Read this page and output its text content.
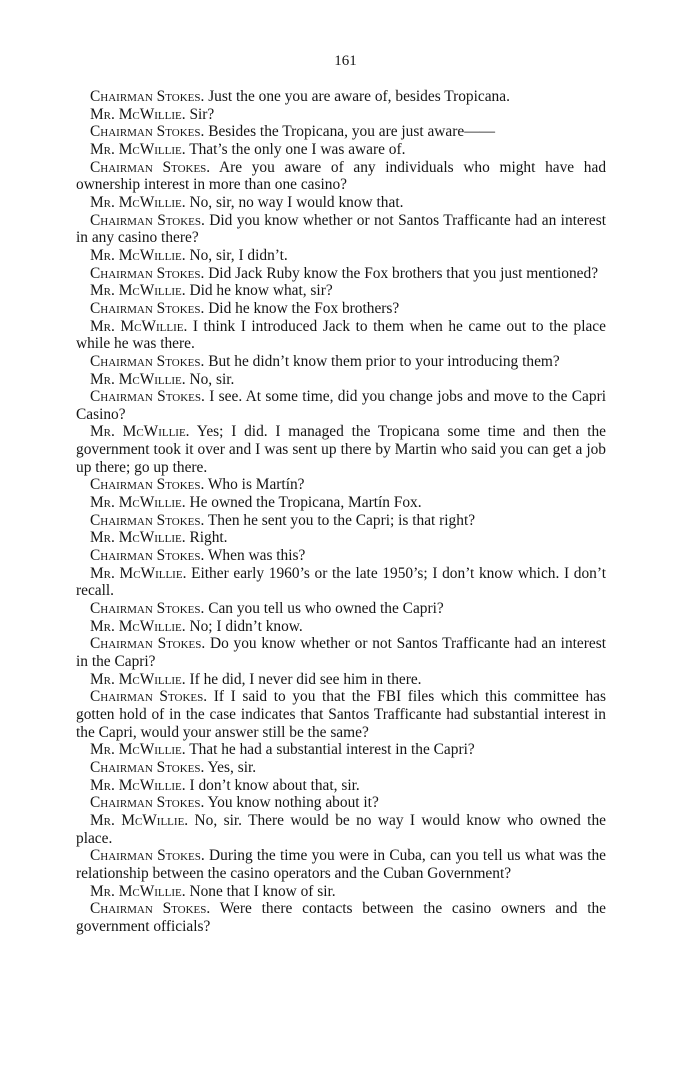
161

Chairman Stokes. Just the one you are aware of, besides Tropicana.

Mr. McWillie. Sir?

Chairman Stokes. Besides the Tropicana, you are just aware——

Mr. McWillie. That’s the only one I was aware of.

Chairman Stokes. Are you aware of any individuals who might have had ownership interest in more than one casino?

Mr. McWillie. No, sir, no way I would know that.

Chairman Stokes. Did you know whether or not Santos Trafficante had an interest in any casino there?

Mr. McWillie. No, sir, I didn’t.

Chairman Stokes. Did Jack Ruby know the Fox brothers that you just mentioned?

Mr. McWillie. Did he know what, sir?

Chairman Stokes. Did he know the Fox brothers?

Mr. McWillie. I think I introduced Jack to them when he came out to the place while he was there.

Chairman Stokes. But he didn’t know them prior to your introducing them?

Mr. McWillie. No, sir.

Chairman Stokes. I see. At some time, did you change jobs and move to the Capri Casino?

Mr. McWillie. Yes; I did. I managed the Tropicana some time and then the government took it over and I was sent up there by Martin who said you can get a job up there; go up there.

Chairman Stokes. Who is Martín?

Mr. McWillie. He owned the Tropicana, Martín Fox.

Chairman Stokes. Then he sent you to the Capri; is that right?

Mr. McWillie. Right.

Chairman Stokes. When was this?

Mr. McWillie. Either early 1960’s or the late 1950’s; I don’t know which. I don’t recall.

Chairman Stokes. Can you tell us who owned the Capri?

Mr. McWillie. No; I didn’t know.

Chairman Stokes. Do you know whether or not Santos Trafficante had an interest in the Capri?

Mr. McWillie. If he did, I never did see him in there.

Chairman Stokes. If I said to you that the FBI files which this committee has gotten hold of in the case indicates that Santos Trafficante had substantial interest in the Capri, would your answer still be the same?

Mr. McWillie. That he had a substantial interest in the Capri?

Chairman Stokes. Yes, sir.

Mr. McWillie. I don’t know about that, sir.

Chairman Stokes. You know nothing about it?

Mr. McWillie. No, sir. There would be no way I would know who owned the place.

Chairman Stokes. During the time you were in Cuba, can you tell us what was the relationship between the casino operators and the Cuban Government?

Mr. McWillie. None that I know of sir.

Chairman Stokes. Were there contacts between the casino owners and the government officials?
